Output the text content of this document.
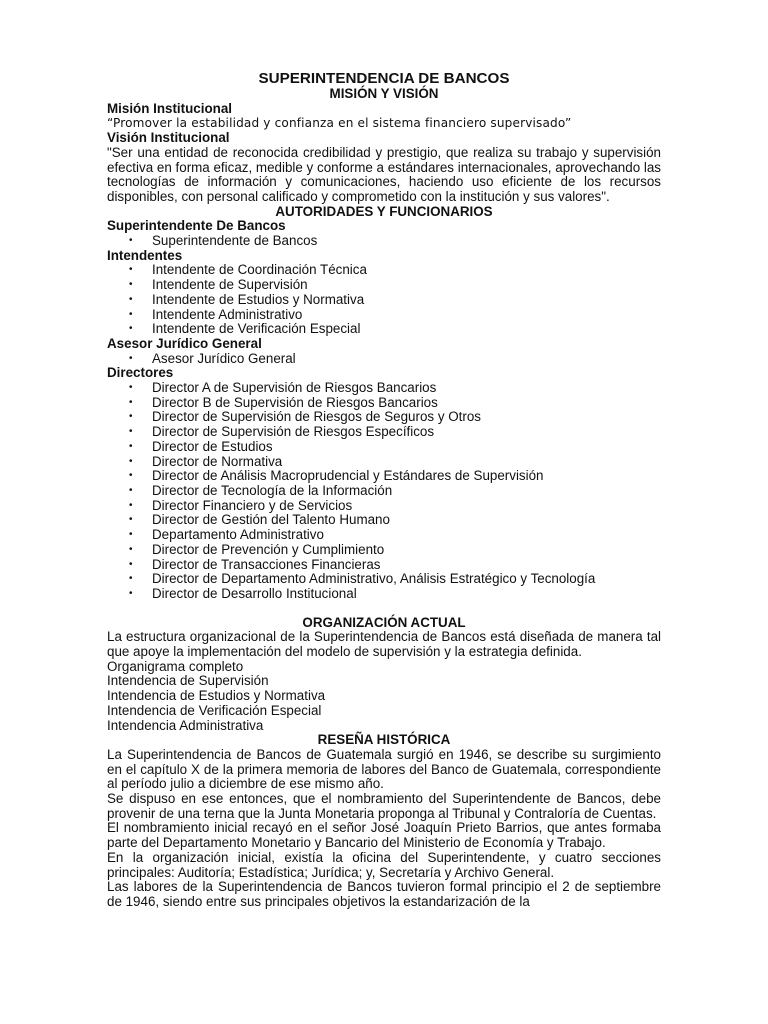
SUPERINTENDENCIA DE BANCOS
MISIÓN Y VISIÓN
Misión Institucional
“Promover la estabilidad y confianza en el sistema financiero supervisado”
Visión Institucional

"Ser una entidad de reconocida credibilidad y prestigio, que realiza su trabajo y supervisión efectiva en forma eficaz, medible y conforme a estándares internacionales, aprovechando las tecnologías de información y comunicaciones, haciendo uso eficiente de los recursos disponibles, con personal calificado y comprometido con la institución y sus valores".

AUTORIDADES Y FUNCIONARIOS
Superintendente De Bancos
• Superintendente de Bancos
Intendentes
• Intendente de Coordinación Técnica
• Intendente de Supervisión
• Intendente de Estudios y Normativa
• Intendente Administrativo
• Intendente de Verificación Especial
Asesor Jurídico General
• Asesor Jurídico General
Directores
• Director A de Supervisión de Riesgos Bancarios
• Director B de Supervisión de Riesgos Bancarios
• Director de Supervisión de Riesgos de Seguros y Otros
• Director de Supervisión de Riesgos Específicos
• Director de Estudios
• Director de Normativa
• Director de Análisis Macroprudencial y Estándares de Supervisión
• Director de Tecnología de la Información
• Director Financiero y de Servicios
• Director de Gestión del Talento Humano
• Departamento Administrativo
• Director de Prevención y Cumplimiento
• Director de Transacciones Financieras
• Director de Departamento Administrativo, Análisis Estratégico y Tecnología
• Director de Desarrollo Institucional
ORGANIZACIÓN ACTUAL

La estructura organizacional de la Superintendencia de Bancos está diseñada de manera tal que apoye la implementación del modelo de supervisión y la estrategia definida.

Organigrama completo
Intendencia de Supervisión
Intendencia de Estudios y Normativa
Intendencia de Verificación Especial
Intendencia Administrativa
RESEÑA HISTÓRICA

La Superintendencia de Bancos de Guatemala surgió en 1946, se describe su surgimiento en el capítulo X de la primera memoria de labores del Banco de Guatemala, correspondiente al período julio a diciembre de ese mismo año.

Se dispuso en ese entonces, que el nombramiento del Superintendente de Bancos, debe provenir de una terna que la Junta Monetaria proponga al Tribunal y Contraloría de Cuentas.

El nombramiento inicial recayó en el señor José Joaquín Prieto Barrios, que antes formaba parte del Departamento Monetario y Bancario del Ministerio de Economía y Trabajo.

En la organización inicial, existía la oficina del Superintendente, y cuatro secciones principales: Auditoría; Estadística; Jurídica; y, Secretaría y Archivo General.

Las labores de la Superintendencia de Bancos tuvieron formal principio el 2 de septiembre de 1946, siendo entre sus principales objetivos la estandarización de la
